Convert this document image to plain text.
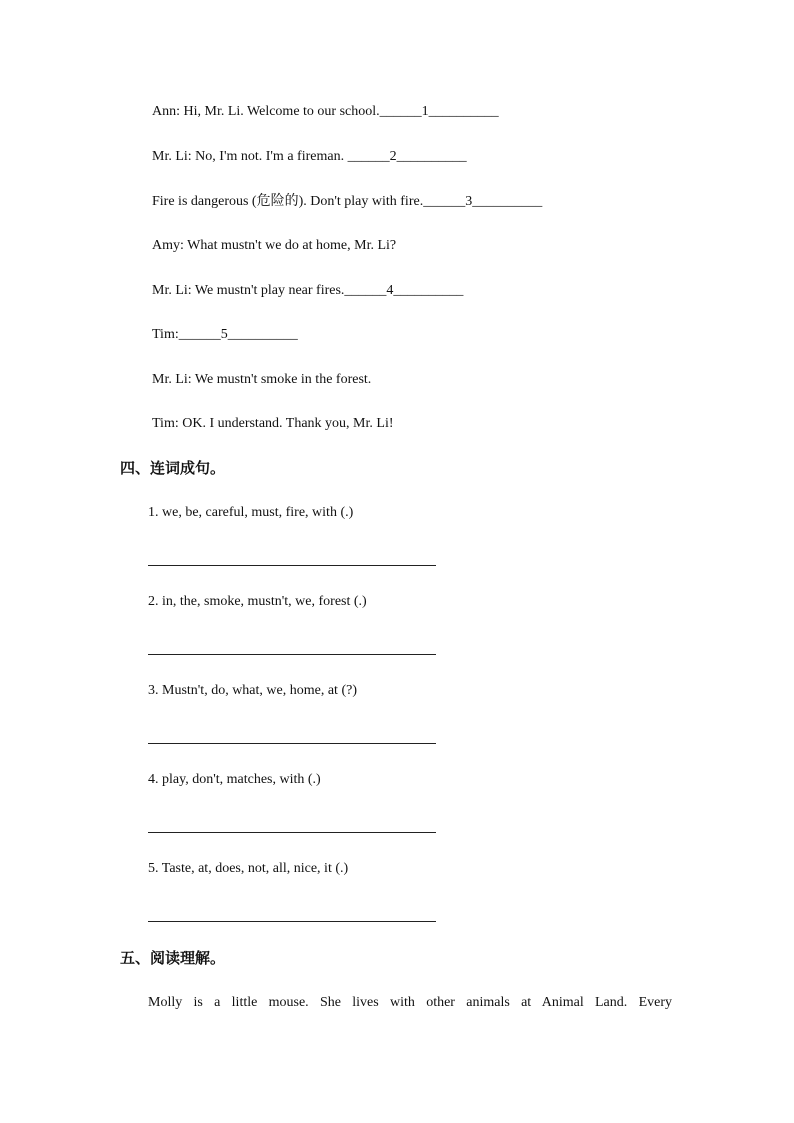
Ann: Hi, Mr. Li. Welcome to our school.______1__________
Mr. Li: No, I'm not. I'm a fireman. ______2__________
Fire is dangerous (危险的). Don't play with fire.______3__________
Amy: What mustn't we do at home, Mr. Li?
Mr. Li: We mustn't play near fires.______4__________
Tim:______5__________
Mr. Li: We mustn't smoke in the forest.
Tim: OK. I understand. Thank you, Mr. Li!
四、连词成句。
1. we, be, careful, must, fire, with (.)
2. in, the, smoke, mustn't, we, forest (.)
3. Mustn't, do, what, we, home, at (?)
4. play, don't, matches, with (.)
5. Taste, at, does, not, all, nice, it (.)
五、阅读理解。
Molly is a little mouse. She lives with other animals at Animal Land. Every
